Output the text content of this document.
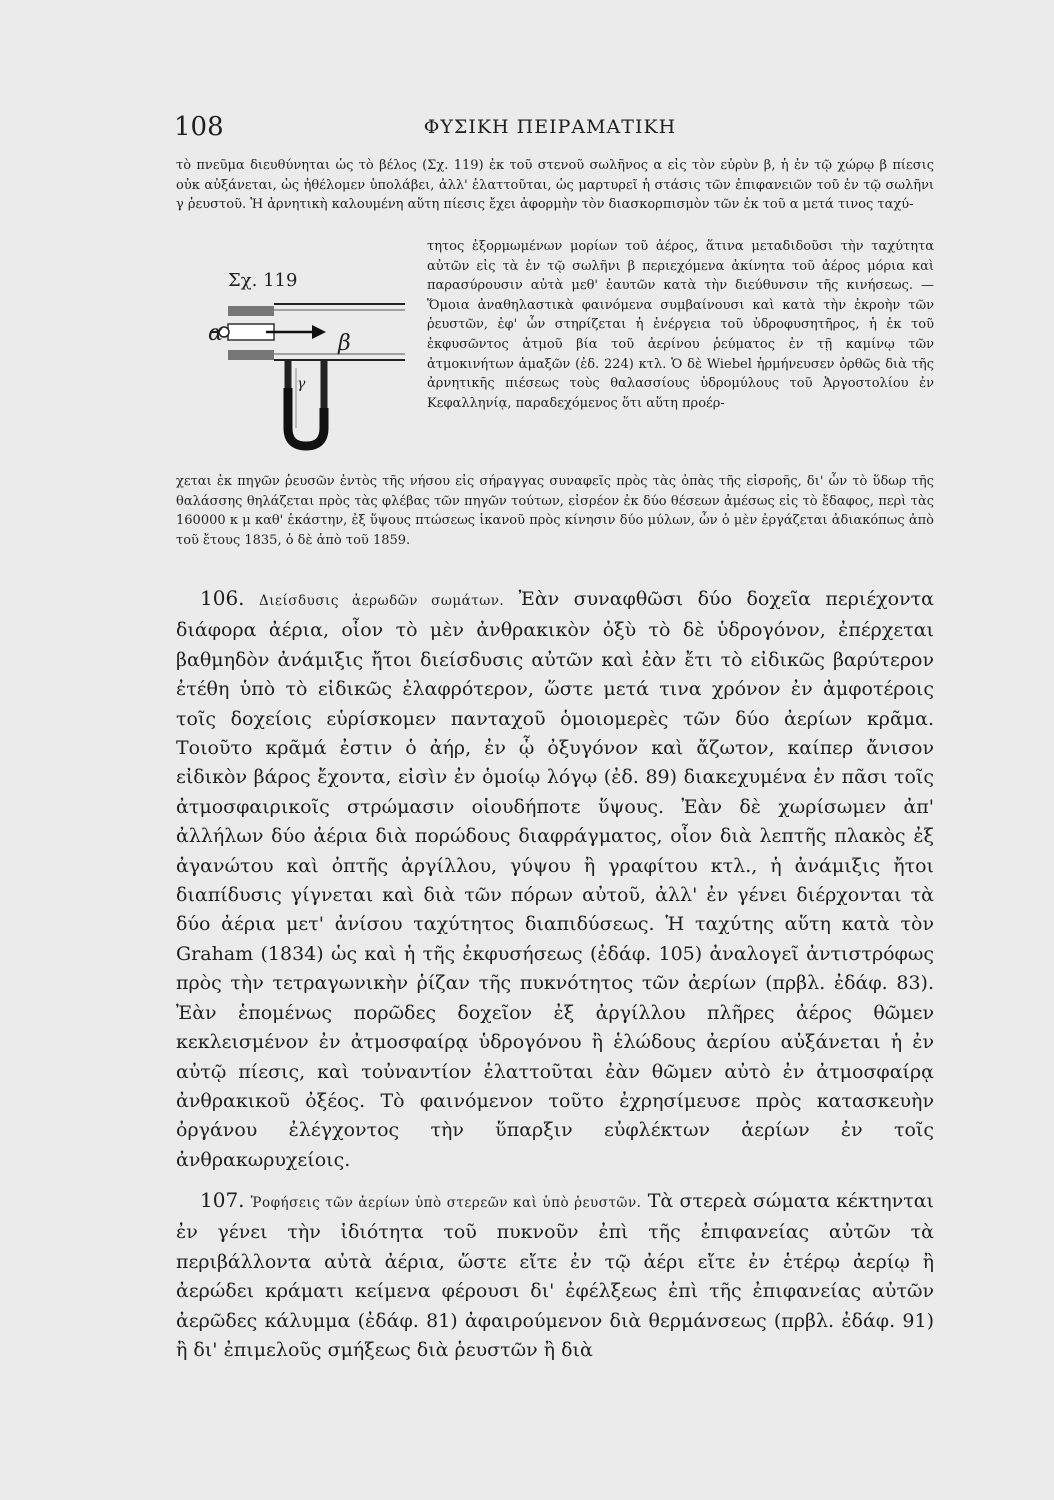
108	ΦΥΣΙΚΗ ΠΕΙΡΑΜΑΤΙΚΗ

τὸ πνεῦμα διευθύνηται ὡς τὸ βέλος (Σχ. 119) ἐκ τοῦ στενοῦ σωλῆνος α εἰς τὸν εὐρὺν β, ἡ ἐν τῷ χώρῳ β πίεσις οὐκ αὐξάνεται, ὡς ἠθέλομεν ὑπολάβει, ἀλλ' ἐλαττοῦται, ὡς μαρτυρεῖ ἡ στάσις τῶν ἐπιφανειῶν τοῦ ἐν τῷ σωλῆνι γ ῥευστοῦ. Ἡ ἀρνητικὴ καλουμένη αὕτη πίεσις ἔχει ἀφορμὴν τὸν διασκορπισμὸν τῶν ἐκ τοῦ α μετά τινος ταχύ-

Σχ. 119
α	β
γ

τητος ἐξορμωμένων μορίων τοῦ ἀέρος, ἅτινα μεταδιδοῦσι τὴν ταχύτητα αὐτῶν εἰς τὰ ἐν τῷ σωλῆνι β περιεχόμενα ἀκίνητα τοῦ ἀέρος μόρια καὶ παρασύρουσιν αὐτὰ μεθ' ἑαυτῶν κατὰ τὴν διεύθυνσιν τῆς κινήσεως. — Ὅμοια ἀναθηλαστικὰ φαινόμενα συμβαίνουσι καὶ κατὰ τὴν ἐκροὴν τῶν ῥευστῶν, ἐφ' ὧν στηρίζεται ἡ ἐνέργεια τοῦ ὑδροφυσητῆρος, ἡ ἐκ τοῦ ἐκφυσῶντος ἀτμοῦ βία τοῦ ἀερίνου ῥεύματος ἐν τῇ καμίνῳ τῶν ἀτμοκινήτων ἁμαξῶν (ἐδ. 224) κτλ. Ὁ δὲ Wiebel ἡρμήνευσεν ὀρθῶς διὰ τῆς ἀρνητικῆς πιέσεως τοὺς θαλασσίους ὑδρομύλους τοῦ Ἀργοστολίου ἐν Κεφαλληνίᾳ, παραδεχόμενος ὅτι αὕτη προέρ-

χεται ἐκ πηγῶν ῥευσῶν ἐντὸς τῆς νήσου εἰς σήραγγας συναφεῖς πρὸς τὰς ὀπὰς τῆς εἰσροῆς, δι' ὧν τὸ ὕδωρ τῆς θαλάσσης θηλάζεται πρὸς τὰς φλέβας τῶν πηγῶν τούτων, εἰσρέον ἐκ δύο θέσεων ἀμέσως εἰς τὸ ἔδαφος, περὶ τὰς 160000 κ μ καθ' ἑκάστην, ἐξ ὕψους πτώσεως ἱκανοῦ πρὸς κίνησιν δύο μύλων, ὧν ὁ μὲν ἐργάζεται ἀδιακόπως ἀπὸ τοῦ ἔτους 1835, ὁ δὲ ἀπὸ τοῦ 1859.

106. Διείσδυσις ἀερωδῶν σωμάτων. Ἐὰν συναφθῶσι δύο δοχεῖα περιέχοντα διάφορα ἀέρια, οἷον τὸ μὲν ἀνθρακικὸν ὀξὺ τὸ δὲ ὑδρογόνον, ἐπέρχεται βαθμηδὸν ἀνάμιξις ἤτοι διείσδυσις αὐτῶν καὶ ἐὰν ἔτι τὸ εἰδικῶς βαρύτερον ἐτέθη ὑπὸ τὸ εἰδικῶς ἐλαφρότερον, ὥστε μετά τινα χρόνον ἐν ἀμφοτέροις τοῖς δοχείοις εὑρίσκομεν πανταχοῦ ὁμοιομερὲς τῶν δύο ἀερίων κρᾶμα. Τοιοῦτο κρᾶμά ἐστιν ὁ ἀήρ, ἐν ᾧ ὀξυγόνον καὶ ἄζωτον, καίπερ ἄνισον εἰδικὸν βάρος ἔχοντα, εἰσὶν ἐν ὁμοίῳ λόγῳ (ἐδ. 89) διακεχυμένα ἐν πᾶσι τοῖς ἀτμοσφαιρικοῖς στρώμασιν οἱουδήποτε ὕψους. Ἐὰν δὲ χωρίσωμεν ἀπ' ἀλλήλων δύο ἀέρια διὰ πορώδους διαφράγματος, οἷον διὰ λεπτῆς πλακὸς ἐξ ἀγανώτου καὶ ὀπτῆς ἀργίλλου, γύψου ἢ γραφίτου κτλ., ἡ ἀνάμιξις ἤτοι διαπίδυσις γίγνεται καὶ διὰ τῶν πόρων αὐτοῦ, ἀλλ' ἐν γένει διέρχονται τὰ δύο ἀέρια μετ' ἀνίσου ταχύτητος διαπιδύσεως. Ἡ ταχύτης αὕτη κατὰ τὸν Graham (1834) ὡς καὶ ἡ τῆς ἐκφυσήσεως (ἐδάφ. 105) ἀναλογεῖ ἀντιστρόφως πρὸς τὴν τετραγωνικὴν ῥίζαν τῆς πυκνότητος τῶν ἀερίων (πρβλ. ἐδάφ. 83). Ἐὰν ἑπομένως πορῶδες δοχεῖον ἐξ ἀργίλλου πλῆρες ἀέρος θῶμεν κεκλεισμένον ἐν ἀτμοσφαίρᾳ ὑδρογόνου ἢ ἑλώδους ἀερίου αὐξάνεται ἡ ἐν αὐτῷ πίεσις, καὶ τοὐναντίον ἐλαττοῦται ἐὰν θῶμεν αὐτὸ ἐν ἀτμοσφαίρᾳ ἀνθρακικοῦ ὀξέος. Τὸ φαινόμενον τοῦτο ἐχρησίμευσε πρὸς κατασκευὴν ὀργάνου ἐλέγχοντος τὴν ὕπαρξιν εὐφλέκτων ἀερίων ἐν τοῖς ἀνθρακωρυχείοις.

107. Ῥοφήσεις τῶν ἀερίων ὑπὸ στερεῶν καὶ ὑπὸ ῥευστῶν. Τὰ στερεὰ σώματα κέκτηνται ἐν γένει τὴν ἰδιότητα τοῦ πυκνοῦν ἐπὶ τῆς ἐπιφανείας αὐτῶν τὰ περιβάλλοντα αὐτὰ ἀέρια, ὥστε εἴτε ἐν τῷ ἀέρι εἴτε ἐν ἑτέρῳ ἀερίῳ ἢ ἀερώδει κράματι κείμενα φέρουσι δι' ἐφέλξεως ἐπὶ τῆς ἐπιφανείας αὐτῶν ἀερῶδες κάλυμμα (ἐδάφ. 81) ἀφαιρούμενον διὰ θερμάνσεως (πρβλ. ἐδάφ. 91) ἢ δι' ἐπιμελοῦς σμήξεως διὰ ῥευστῶν ἢ διὰ
